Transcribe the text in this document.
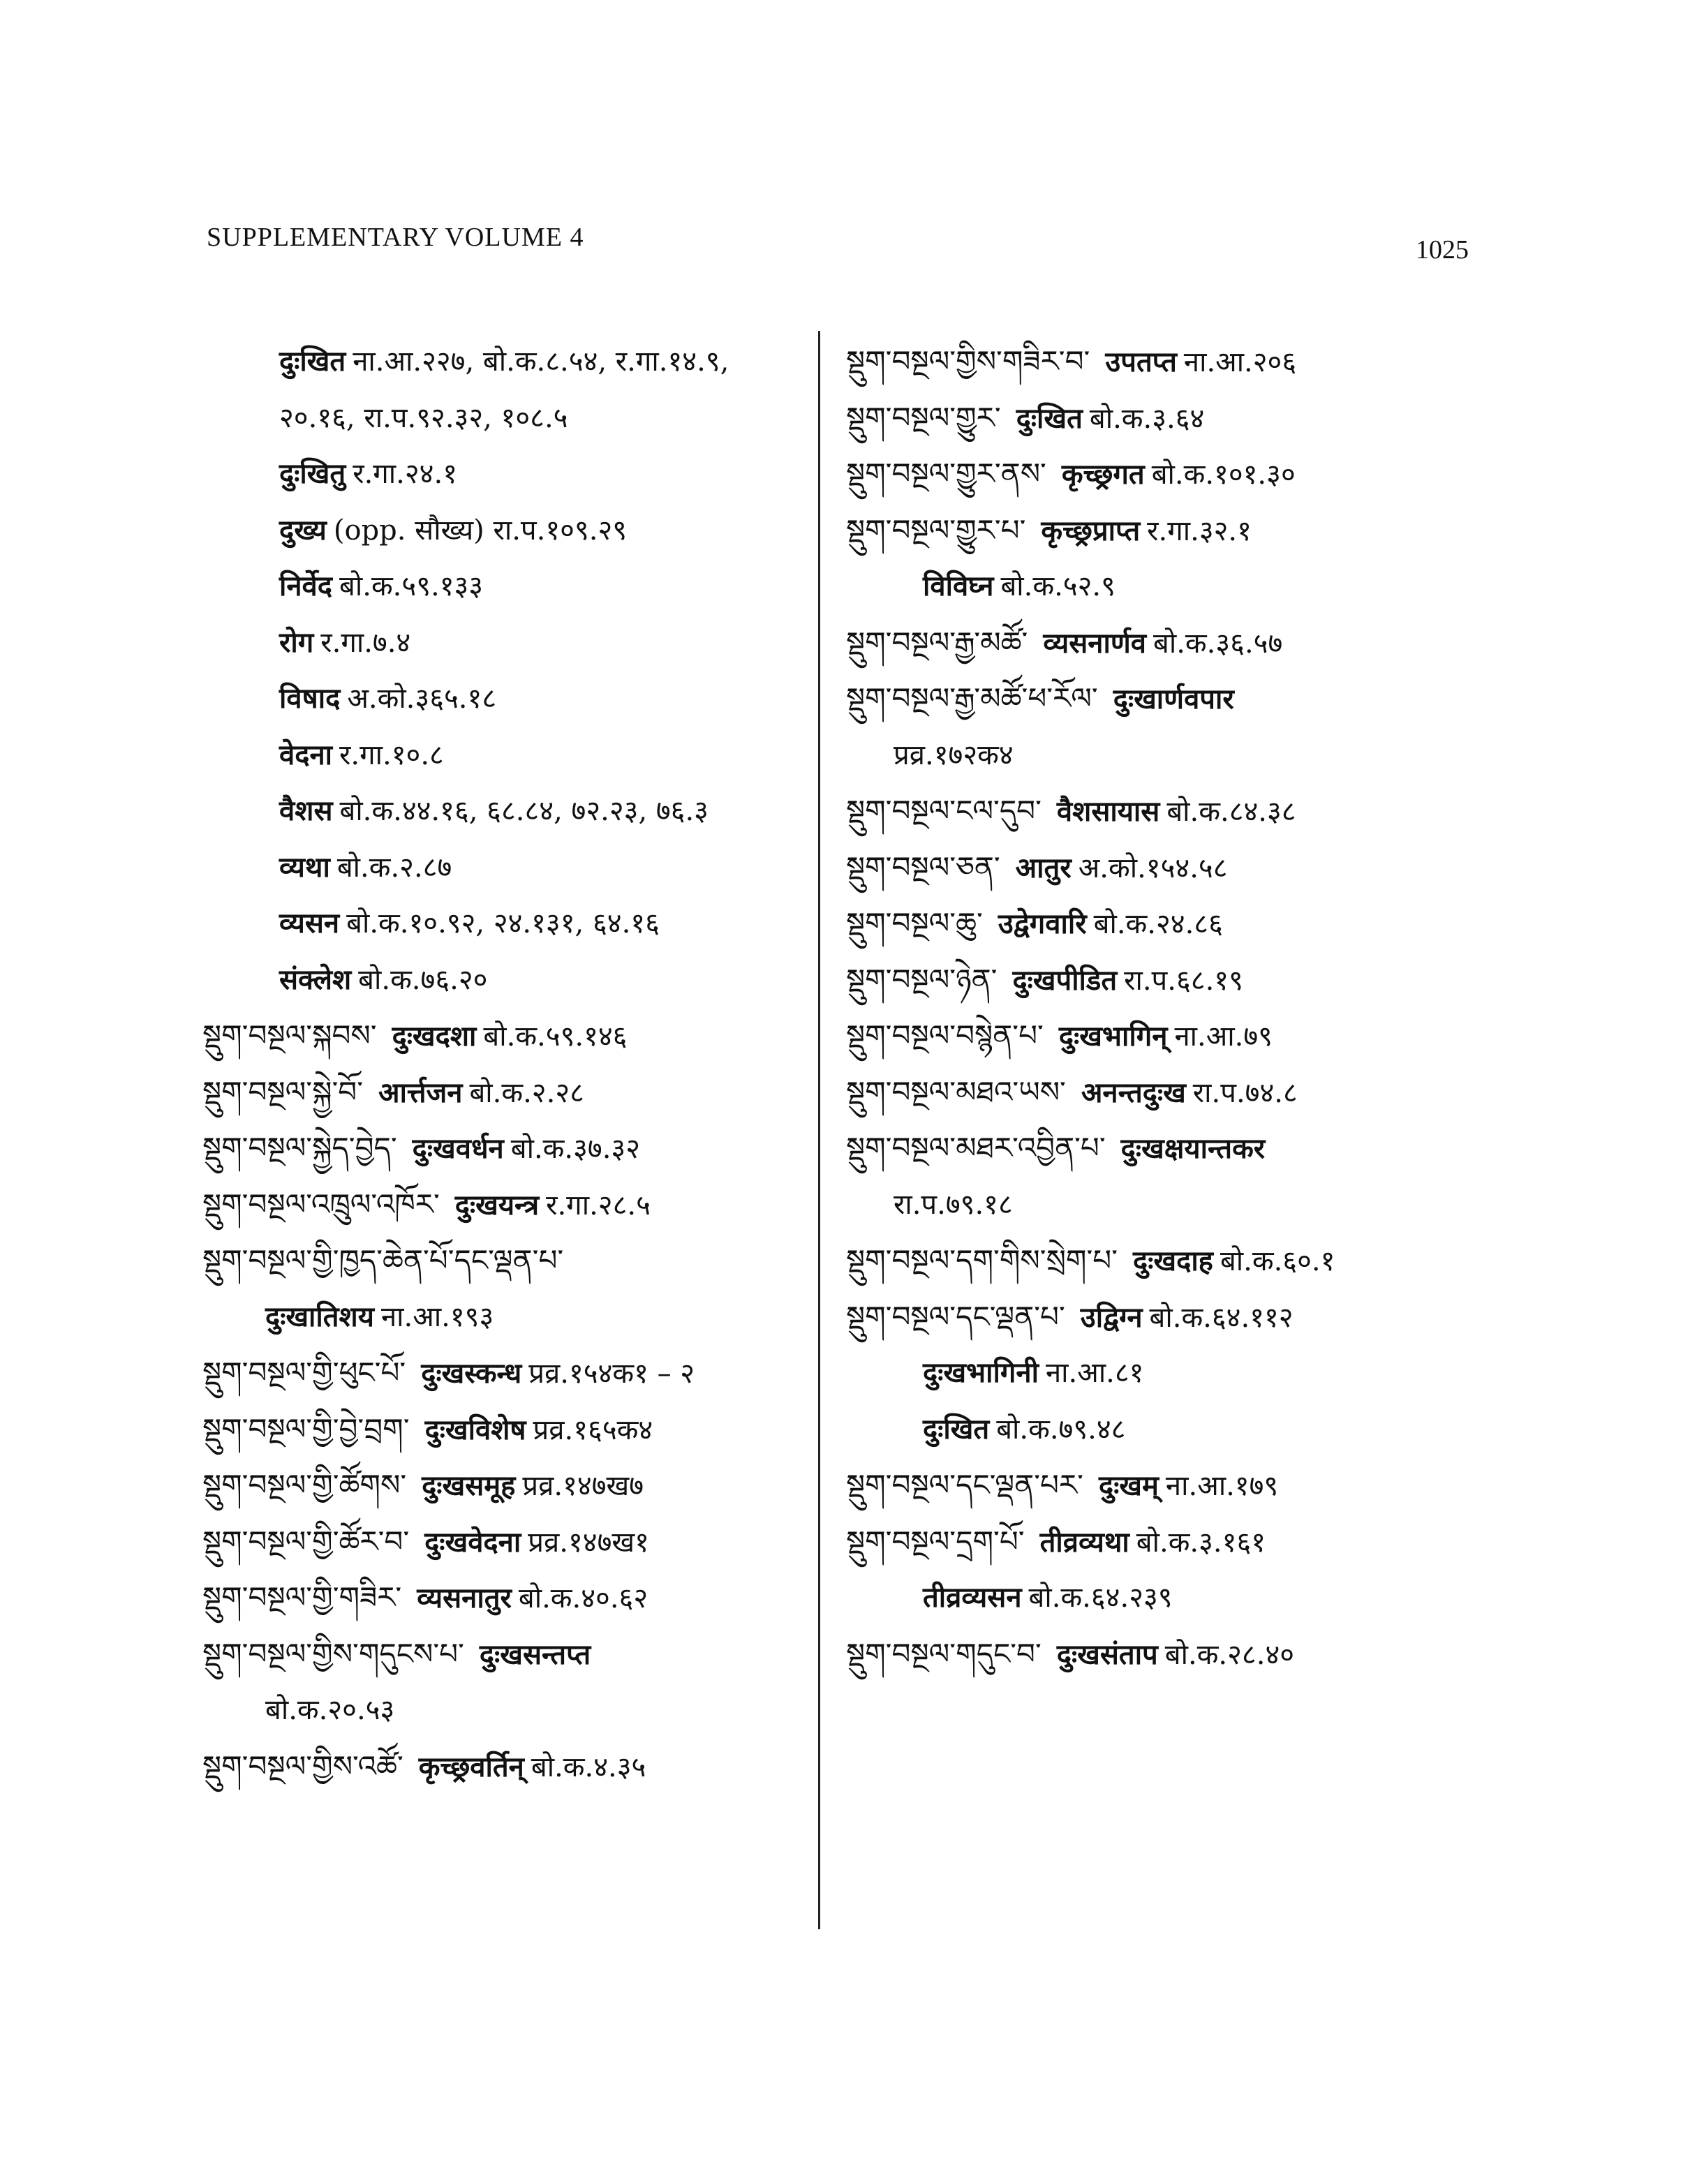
SUPPLEMENTARY VOLUME 4	1025
दुःखित ना.आ.२२७, बो.क.८.५४, र.गा.१४.९,
२०.१६, रा.प.९२.३२, १०८.५
दुःखितु र.गा.२४.१
दुख्य (opp. सौख्य) रा.प.१०९.२९
निर्वेद बो.क.५९.१३३
रोग र.गा.७.४
विषाद अ.को.३६५.१८
वेदना र.गा.१०.८
वैशस बो.क.४४.१६, ६८.८४, ७२.२३, ७६.३
व्यथा बो.क.२.८७
व्यसन बो.क.१०.९२, २४.१३१, ६४.१६
संक्लेश बो.क.७६.२०
སྡུག་བསྔལ་སྐབས་ दुःखदशा बो.क.५९.१४६
སྡུག་བསྔལ་སྐྱེ་བོ་ आर्त्तजन बो.क.२.२८
སྡུག་བསྔལ་སྐྱེད་བྱེད་ दुःखवर्धन बो.क.३७.३२
སྡུག་བསྔལ་འཁྲུལ་འཁོར་ दुःखयन्त्र र.गा.२८.५
སྡུག་བསྔལ་གྱི་ཁྱད་ཆེན་པོ་དང་ལྡན་པ་
दुःखातिशय ना.आ.१९३
སྡུག་བསྔལ་གྱི་ཕུང་པོ་ दुःखस्कन्ध प्रव्र.१५४क१ – २
སྡུག་བསྔལ་གྱི་བྱེ་བྲག་ दुःखविशेष प्रव्र.१६५क४
སྡུག་བསྔལ་གྱི་ཚོགས་ दुःखसमूह प्रव्र.१४७ख७
སྡུག་བསྔལ་གྱི་ཚོར་བ་ दुःखवेदना प्रव्र.१४७ख१
སྡུག་བསྔལ་གྱི་གཟིར་ व्यसनातुर बो.क.४०.६२
སྡུག་བསྔལ་གྱིས་གདུངས་པ་ दुःखसन्तप्त
बो.क.२०.५३
སྡུག་བསྔལ་གྱིས་འཚོ་ कृच्छ्रवर्तिन् बो.क.४.३५
སྡུག་བསྔལ་གྱིས་གཟིར་བ་ उपतप्त ना.आ.२०६
སྡུག་བསྔལ་གྱུར་ दुःखित बो.क.३.६४
སྡུག་བསྔལ་གྱུར་ནས་ कृच्छ्रगत बो.क.१०१.३०
སྡུག་བསྔལ་གྱུར་པ་ कृच्छ्रप्राप्त र.गा.३२.१
विविघ्न बो.क.५२.९
སྡུག་བསྔལ་རྒྱ་མཚོ་ व्यसनार्णव बो.क.३६.५७
སྡུག་བསྔལ་རྒྱ་མཚོ་ཕ་རོལ་ दुःखार्णवपार
प्रव्र.१७२क४
སྡུག་བསྔལ་ངལ་དུབ་ वैशसायास बो.क.८४.३८
སྡུག་བསྔལ་ཅན་ आतुर अ.को.१५४.५८
སྡུག་བསྔལ་ཆུ་ उद्वेगवारि बो.क.२४.८६
སྡུག་བསྔལ་ཉེན་ दुःखपीडित रा.प.६८.१९
སྡུག་བསྔལ་བསྙེན་པ་ दुःखभागिन् ना.आ.७९
སྡུག་བསྔལ་མཐའ་ཡས་ अनन्तदुःख रा.प.७४.८
སྡུག་བསྔལ་མཐར་འབྱིན་པ་ दुःखक्षयान्तकर
रा.प.७९.१८
སྡུག་བསྔལ་དག་གིས་སྲེག་པ་ दुःखदाह बो.क.६०.१
སྡུག་བསྔལ་དང་ལྡན་པ་ उद्विग्न बो.क.६४.११२
दुःखभागिनी ना.आ.८१
दुःखित बो.क.७९.४८
སྡུག་བསྔལ་དང་ལྡན་པར་ दुःखम् ना.आ.१७९
སྡུག་བསྔལ་དྲག་པོ་ तीव्रव्यथा बो.क.३.१६१
तीव्रव्यसन बो.क.६४.२३९
སྡུག་བསྔལ་གདུང་བ་ दुःखसंताप बो.क.२८.४०
